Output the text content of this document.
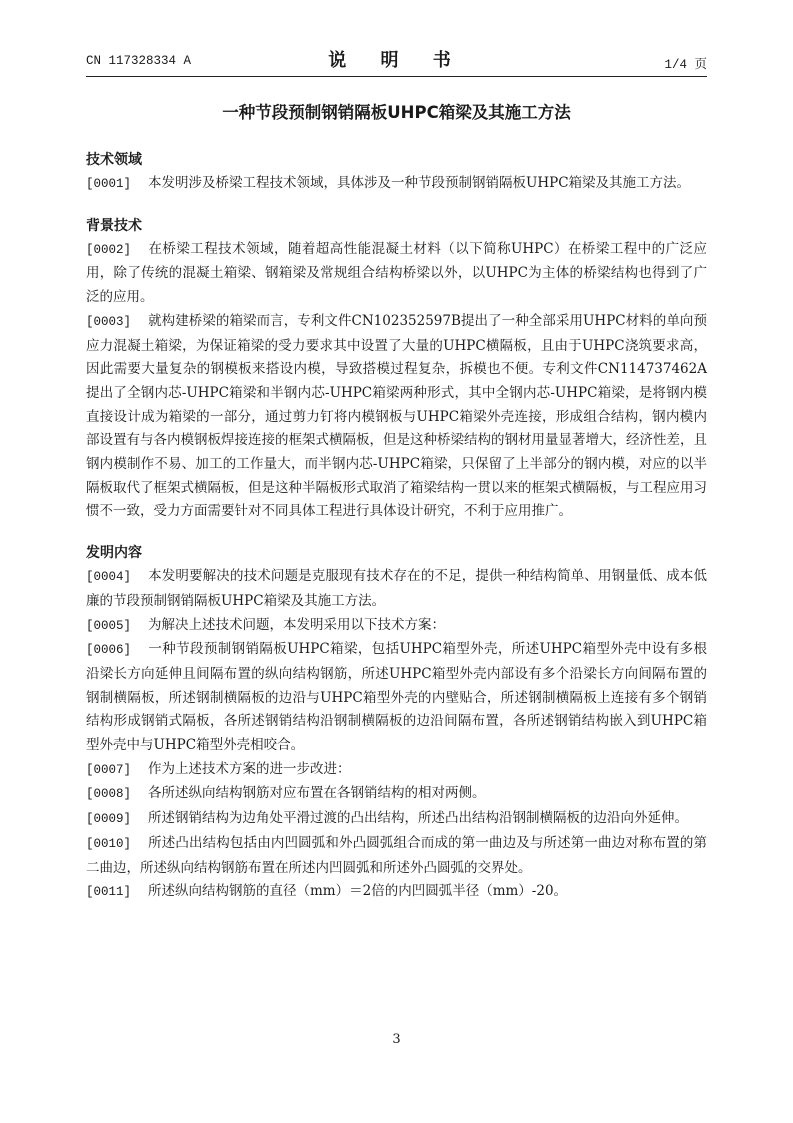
CN 117328334 A	说 明 书	1/4 页
一种节段预制钢销隔板UHPC箱梁及其施工方法
技术领域

[0001] 本发明涉及桥梁工程技术领域，具体涉及一种节段预制钢销隔板UHPC箱梁及其施工方法。

背景技术

[0002] 在桥梁工程技术领域，随着超高性能混凝土材料（以下简称UHPC）在桥梁工程中的广泛应用，除了传统的混凝土箱梁、钢箱梁及常规组合结构桥梁以外，以UHPC为主体的桥梁结构也得到了广泛的应用。

[0003] 就构建桥梁的箱梁而言，专利文件CN102352597B提出了一种全部采用UHPC材料的单向预应力混凝土箱梁，为保证箱梁的受力要求其中设置了大量的UHPC横隔板，且由于UHPC浇筑要求高，因此需要大量复杂的钢模板来搭设内模，导致搭模过程复杂，拆模也不便。专利文件CN114737462A提出了全钢内芯-UHPC箱梁和半钢内芯-UHPC箱梁两种形式，其中全钢内芯-UHPC箱梁，是将钢内模直接设计成为箱梁的一部分，通过剪力钉将内模钢板与UHPC箱梁外壳连接，形成组合结构，钢内模内部设置有与各内模钢板焊接连接的框架式横隔板，但是这种桥梁结构的钢材用量显著增大，经济性差，且钢内模制作不易、加工的工作量大，而半钢内芯-UHPC箱梁，只保留了上半部分的钢内模，对应的以半隔板取代了框架式横隔板，但是这种半隔板形式取消了箱梁结构一贯以来的框架式横隔板，与工程应用习惯不一致，受力方面需要针对不同具体工程进行具体设计研究，不利于应用推广。

发明内容

[0004] 本发明要解决的技术问题是克服现有技术存在的不足，提供一种结构简单、用钢量低、成本低廉的节段预制钢销隔板UHPC箱梁及其施工方法。

[0005] 为解决上述技术问题，本发明采用以下技术方案：

[0006] 一种节段预制钢销隔板UHPC箱梁，包括UHPC箱型外壳，所述UHPC箱型外壳中设有多根沿梁长方向延伸且间隔布置的纵向结构钢筋，所述UHPC箱型外壳内部设有多个沿梁长方向间隔布置的钢制横隔板，所述钢制横隔板的边沿与UHPC箱型外壳的内壁贴合，所述钢制横隔板上连接有多个钢销结构形成钢销式隔板，各所述钢销结构沿钢制横隔板的边沿间隔布置，各所述钢销结构嵌入到UHPC箱型外壳中与UHPC箱型外壳相咬合。

[0007] 作为上述技术方案的进一步改进：

[0008] 各所述纵向结构钢筋对应布置在各钢销结构的相对两侧。

[0009] 所述钢销结构为边角处平滑过渡的凸出结构，所述凸出结构沿钢制横隔板的边沿向外延伸。

[0010] 所述凸出结构包括由内凹圆弧和外凸圆弧组合而成的第一曲边及与所述第一曲边对称布置的第二曲边，所述纵向结构钢筋布置在所述内凹圆弧和所述外凸圆弧的交界处。

[0011] 所述纵向结构钢筋的直径（mm）＝2倍的内凹圆弧半径（mm）-20。

3
